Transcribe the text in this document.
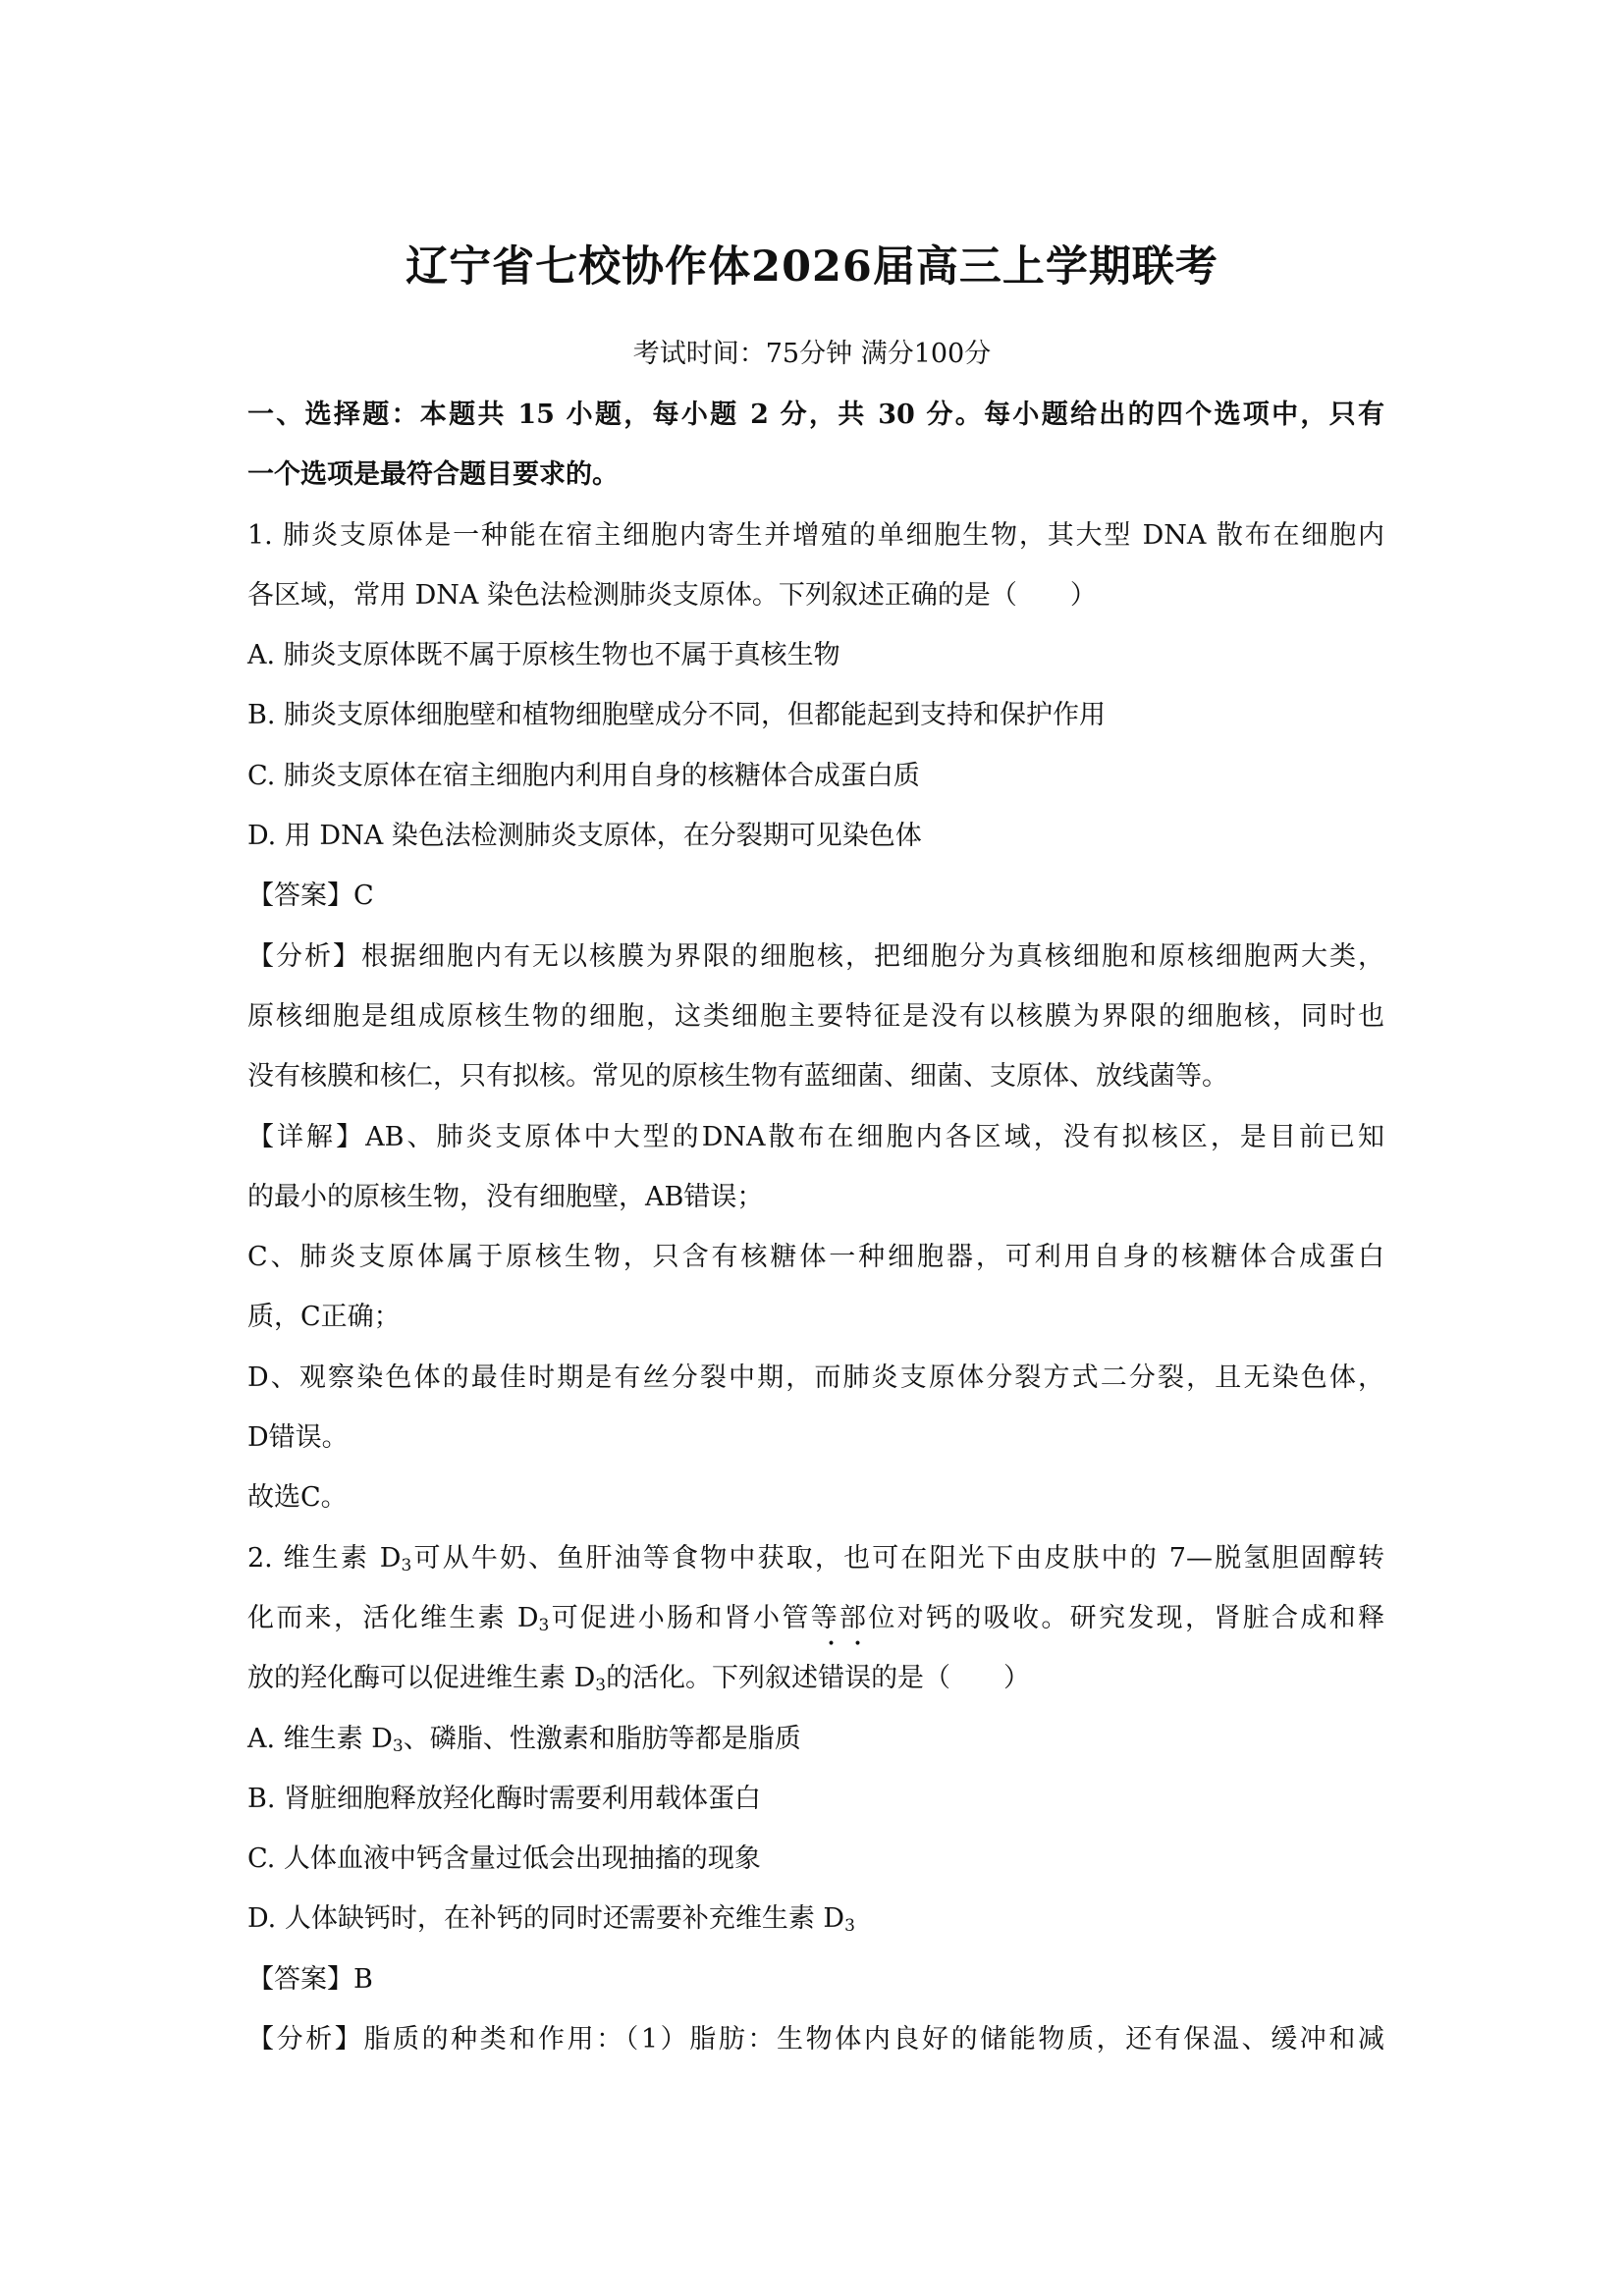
辽宁省七校协作体2026届高三上学期联考
考试时间：75分钟 满分100分
一、选择题：本题共 15 小题，每小题 2 分，共 30 分。每小题给出的四个选项中，只有
一个选项是最符合题目要求的。
1. 肺炎支原体是一种能在宿主细胞内寄生并增殖的单细胞生物，其大型 DNA 散布在细胞内
各区域，常用 DNA 染色法检测肺炎支原体。下列叙述正确的是（　　）
A. 肺炎支原体既不属于原核生物也不属于真核生物
B. 肺炎支原体细胞壁和植物细胞壁成分不同，但都能起到支持和保护作用
C. 肺炎支原体在宿主细胞内利用自身的核糖体合成蛋白质
D. 用 DNA 染色法检测肺炎支原体，在分裂期可见染色体
【答案】C
【分析】根据细胞内有无以核膜为界限的细胞核，把细胞分为真核细胞和原核细胞两大类，
原核细胞是组成原核生物的细胞，这类细胞主要特征是没有以核膜为界限的细胞核，同时也
没有核膜和核仁，只有拟核。常见的原核生物有蓝细菌、细菌、支原体、放线菌等。
【详解】AB、肺炎支原体中大型的DNA散布在细胞内各区域，没有拟核区，是目前已知
的最小的原核生物，没有细胞壁，AB错误；
C、肺炎支原体属于原核生物，只含有核糖体一种细胞器，可利用自身的核糖体合成蛋白
质，C正确；
D、观察染色体的最佳时期是有丝分裂中期，而肺炎支原体分裂方式二分裂，且无染色体，
D错误。
故选C。
2. 维生素 $D_3$可从牛奶、鱼肝油等食物中获取，也可在阳光下由皮肤中的 7—脱氢胆固醇转
化而来，活化维生素 $D_3$可促进小肠和肾小管等部位对钙的吸收。研究发现，肾脏合成和释
放的羟化酶可以促进维生素 $D_3$的活化。下列叙述错误的是（　　）
A. 维生素 $D_3$、磷脂、性激素和脂肪等都是脂质
B. 肾脏细胞释放羟化酶时需要利用载体蛋白
C. 人体血液中钙含量过低会出现抽搐的现象
D. 人体缺钙时，在补钙的同时还需要补充维生素 $D_3$
【答案】B
【分析】脂质的种类和作用：（1）脂肪：生物体内良好的储能物质，还有保温、缓冲和减
